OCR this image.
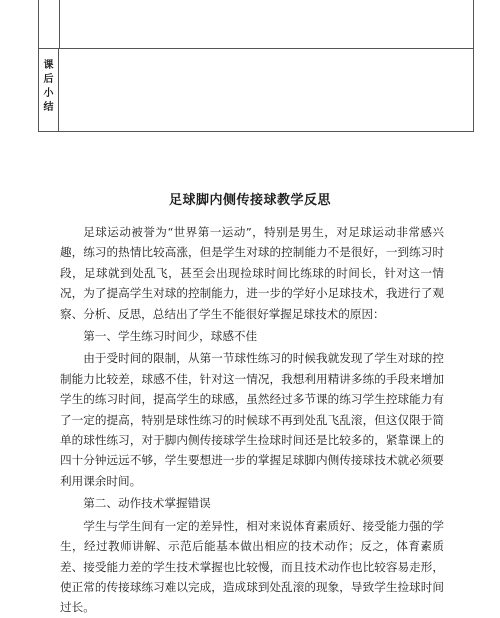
课
后
小
结
足球脚内侧传接球教学反思

足球运动被誉为“世界第一运动”，特别是男生，对足球运动非常感兴趣，练习的热情比较高涨，但是学生对球的控制能力不是很好，一到练习时段，足球就到处乱飞，甚至会出现捡球时间比练球的时间长，针对这一情况，为了提高学生对球的控制能力，进一步的学好小足球技术，我进行了观察、分析、反思，总结出了学生不能很好掌握足球技术的原因：

第一、学生练习时间少，球感不佳

由于受时间的限制，从第一节球性练习的时候我就发现了学生对球的控制能力比较差，球感不佳，针对这一情况，我想利用精讲多练的手段来增加学生的练习时间，提高学生的球感，虽然经过多节课的练习学生控球能力有了一定的提高，特别是球性练习的时候球不再到处乱飞乱滚，但这仅限于简单的球性练习，对于脚内侧传接球学生捡球时间还是比较多的，紧靠课上的四十分钟远远不够，学生要想进一步的掌握足球脚内侧传接球技术就必须要利用课余时间。

第二、动作技术掌握错误

学生与学生间有一定的差异性，相对来说体育素质好、接受能力强的学生，经过教师讲解、示范后能基本做出相应的技术动作；反之，体育素质差、接受能力差的学生技术掌握也比较慢，而且技术动作也比较容易走形，使正常的传接球练习难以完成，造成球到处乱滚的现象，导致学生捡球时间过长。
